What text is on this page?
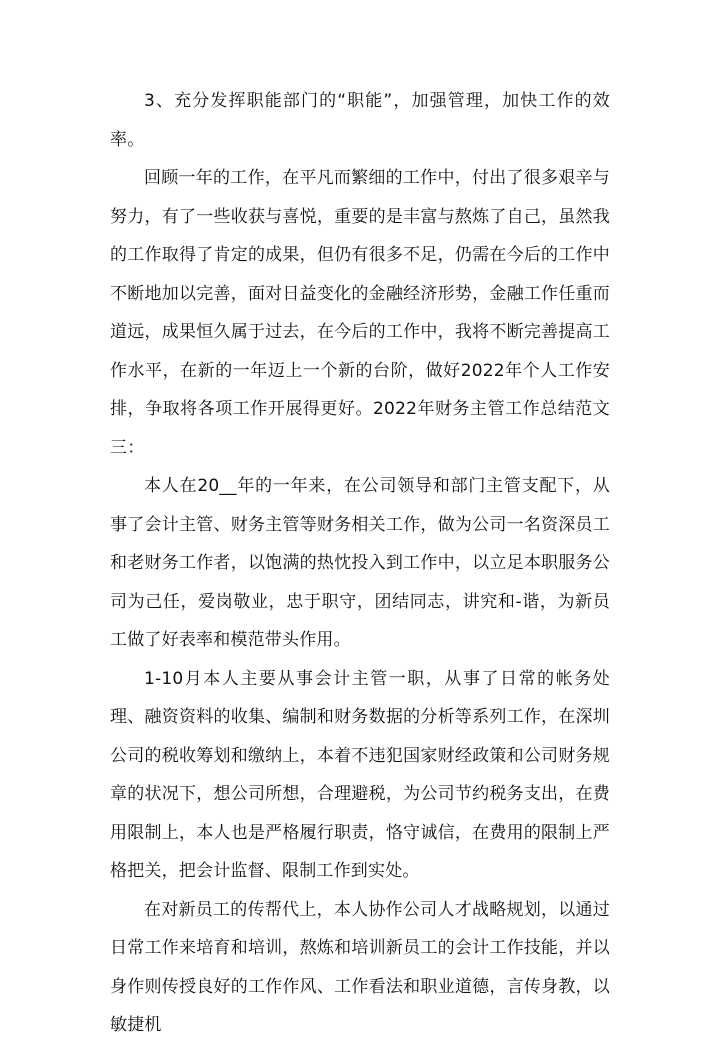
3、充分发挥职能部门的“职能”，加强管理，加快工作的效率。

回顾一年的工作，在平凡而繁细的工作中，付出了很多艰辛与努力，有了一些收获与喜悦，重要的是丰富与熬炼了自己，虽然我的工作取得了肯定的成果，但仍有很多不足，仍需在今后的工作中不断地加以完善，面对日益变化的金融经济形势，金融工作任重而道远，成果恒久属于过去，在今后的工作中，我将不断完善提高工作水平，在新的一年迈上一个新的台阶，做好2022年个人工作安排，争取将各项工作开展得更好。2022年财务主管工作总结范文三：

本人在20__年的一年来，在公司领导和部门主管支配下，从事了会计主管、财务主管等财务相关工作，做为公司一名资深员工和老财务工作者，以饱满的热忱投入到工作中，以立足本职服务公司为己任，爱岗敬业，忠于职守，团结同志，讲究和-谐，为新员工做了好表率和模范带头作用。

1-10月本人主要从事会计主管一职，从事了日常的帐务处理、融资资料的收集、编制和财务数据的分析等系列工作，在深圳公司的税收筹划和缴纳上，本着不违犯国家财经政策和公司财务规章的状况下，想公司所想，合理避税，为公司节约税务支出，在费用限制上，本人也是严格履行职责，恪守诚信，在费用的限制上严格把关，把会计监督、限制工作到实处。

在对新员工的传帮代上，本人协作公司人才战略规划，以通过日常工作来培育和培训，熬炼和培训新员工的会计工作技能，并以身作则传授良好的工作作风、工作看法和职业道德，言传身教，以敏捷机
